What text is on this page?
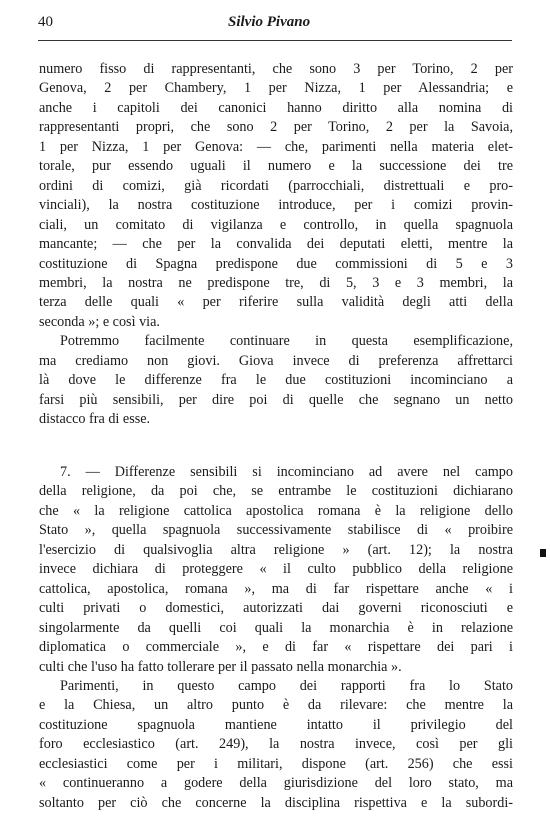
40	Silvio Pivano
numero fisso di rappresentanti, che sono 3 per Torino, 2 per
Genova, 2 per Chambery, 1 per Nizza, 1 per Alessandria; e
anche i capitoli dei canonici hanno diritto alla nomina di
rappresentanti propri, che sono 2 per Torino, 2 per la Savoia,
1 per Nizza, 1 per Genova: — che, parimenti nella materia elet-
torale, pur essendo uguali il numero e la successione dei tre
ordini di comizi, già ricordati (parrocchiali, distrettuali e pro-
vinciali), la nostra costituzione introduce, per i comizi provin-
ciali, un comitato di vigilanza e controllo, in quella spagnuola
mancante; — che per la convalida dei deputati eletti, mentre la
costituzione di Spagna predispone due commissioni di 5 e 3
membri, la nostra ne predispone tre, di 5, 3 e 3 membri, la
terza delle quali « per riferire sulla validità degli atti della
seconda »; e così via.
Potremmo facilmente continuare in questa esemplificazione,
ma crediamo non giovi. Giova invece di preferenza affrettarci
là dove le differenze fra le due costituzioni incominciano a
farsi più sensibili, per dire poi di quelle che segnano un netto
distacco fra di esse.
7. — Differenze sensibili si incominciano ad avere nel campo
della religione, da poi che, se entrambe le costituzioni dichiarano
che « la religione cattolica apostolica romana è la religione dello
Stato », quella spagnuola successivamente stabilisce di « proibire
l'esercizio di qualsivoglia altra religione » (art. 12); la nostra
invece dichiara di proteggere « il culto pubblico della religione
cattolica, apostolica, romana », ma di far rispettare anche « i
culti privati o domestici, autorizzati dai governi riconosciuti e
singolarmente da quelli coi quali la monarchia è in relazione
diplomatica o commerciale », e di far « rispettare dei pari i
culti che l'uso ha fatto tollerare per il passato nella monarchia ».
Parimenti, in questo campo dei rapporti fra lo Stato
e la Chiesa, un altro punto è da rilevare: che mentre la
costituzione spagnuola mantiene intatto il privilegio del
foro ecclesiastico (art. 249), la nostra invece, così per gli
ecclesiastici come per i militari, dispone (art. 256) che essi
« continueranno a godere della giurisdizione del loro stato, ma
soltanto per ciò che concerne la disciplina rispettiva e la subordi-
